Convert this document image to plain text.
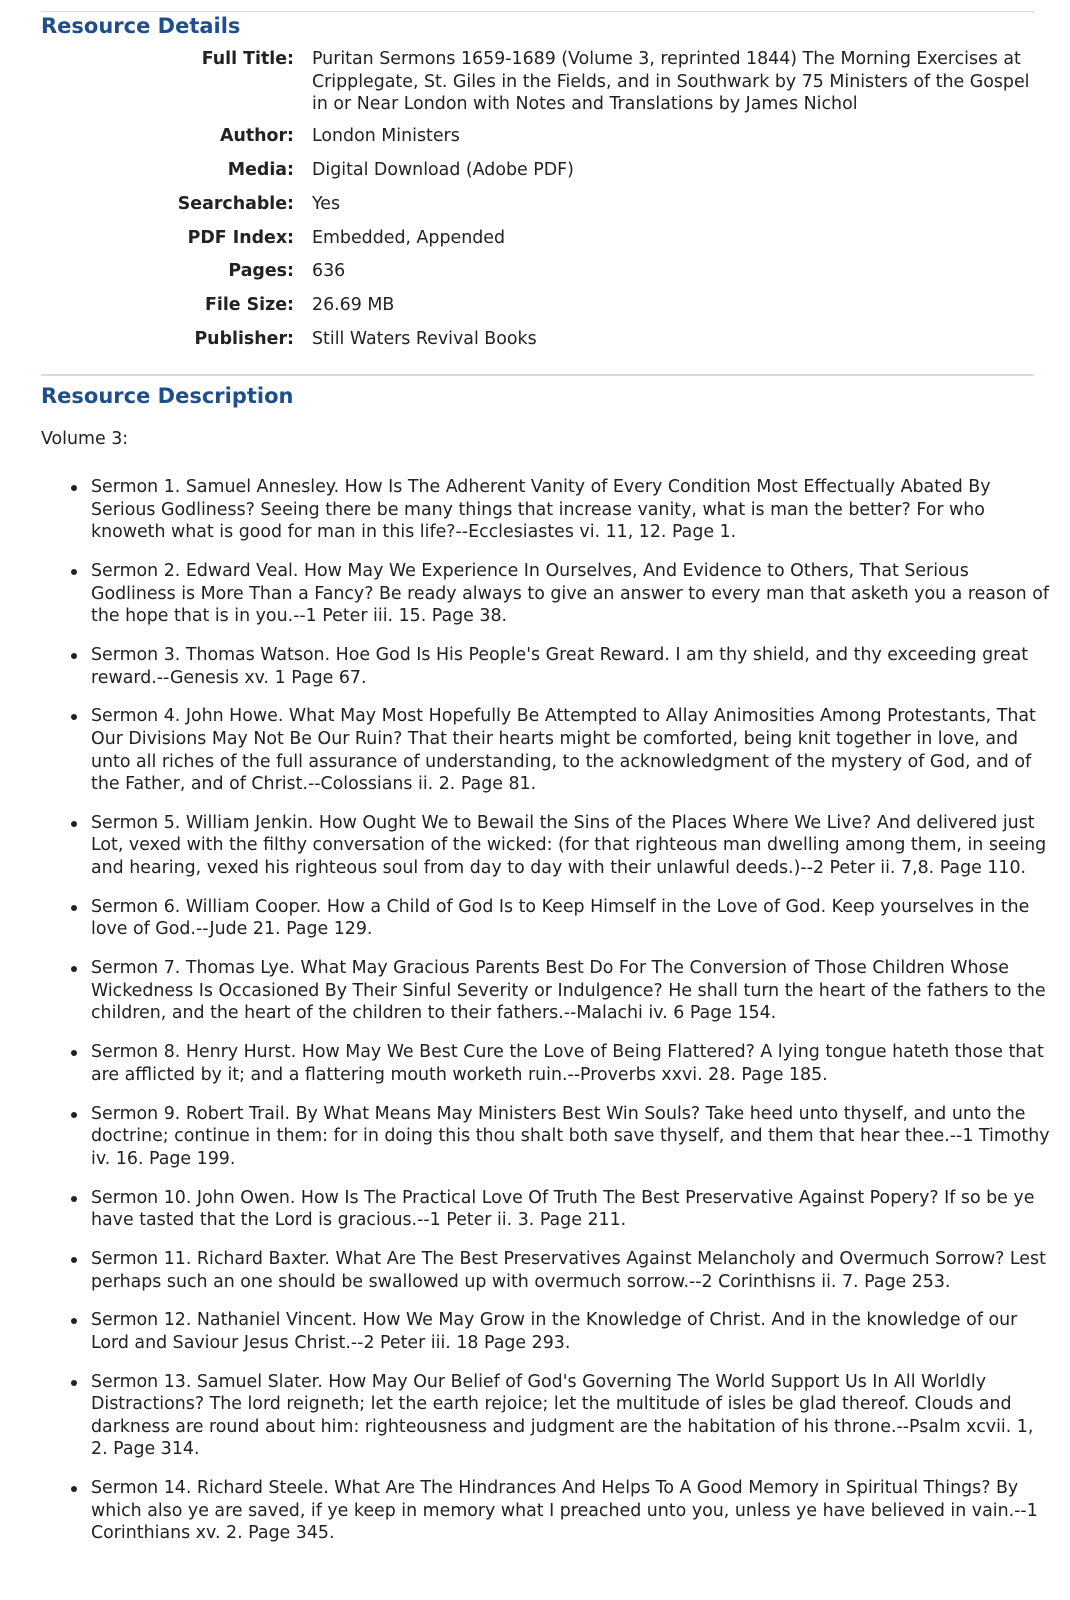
Resource Details
Full Title: Puritan Sermons 1659-1689 (Volume 3, reprinted 1844) The Morning Exercises at Cripplegate, St. Giles in the Fields, and in Southwark by 75 Ministers of the Gospel in or Near London with Notes and Translations by James Nichol
Author: London Ministers
Media: Digital Download (Adobe PDF)
Searchable: Yes
PDF Index: Embedded, Appended
Pages: 636
File Size: 26.69 MB
Publisher: Still Waters Revival Books
Resource Description

Volume 3:

Sermon 1. Samuel Annesley. How Is The Adherent Vanity of Every Condition Most Effectually Abated By Serious Godliness? Seeing there be many things that increase vanity, what is man the better? For who knoweth what is good for man in this life?--Ecclesiastes vi. 11, 12. Page 1.
Sermon 2. Edward Veal. How May We Experience In Ourselves, And Evidence to Others, That Serious Godliness is More Than a Fancy? Be ready always to give an answer to every man that asketh you a reason of the hope that is in you.--1 Peter iii. 15. Page 38.
Sermon 3. Thomas Watson. Hoe God Is His People's Great Reward. I am thy shield, and thy exceeding great reward.--Genesis xv. 1 Page 67.
Sermon 4. John Howe. What May Most Hopefully Be Attempted to Allay Animosities Among Protestants, That Our Divisions May Not Be Our Ruin? That their hearts might be comforted, being knit together in love, and unto all riches of the full assurance of understanding, to the acknowledgment of the mystery of God, and of the Father, and of Christ.--Colossians ii. 2. Page 81.
Sermon 5. William Jenkin. How Ought We to Bewail the Sins of the Places Where We Live? And delivered just Lot, vexed with the filthy conversation of the wicked: (for that righteous man dwelling among them, in seeing and hearing, vexed his righteous soul from day to day with their unlawful deeds.)--2 Peter ii. 7,8. Page 110.
Sermon 6. William Cooper. How a Child of God Is to Keep Himself in the Love of God. Keep yourselves in the love of God.--Jude 21. Page 129.
Sermon 7. Thomas Lye. What May Gracious Parents Best Do For The Conversion of Those Children Whose Wickedness Is Occasioned By Their Sinful Severity or Indulgence? He shall turn the heart of the fathers to the children, and the heart of the children to their fathers.--Malachi iv. 6 Page 154.
Sermon 8. Henry Hurst. How May We Best Cure the Love of Being Flattered? A lying tongue hateth those that are afflicted by it; and a flattering mouth worketh ruin.--Proverbs xxvi. 28. Page 185.
Sermon 9. Robert Trail. By What Means May Ministers Best Win Souls? Take heed unto thyself, and unto the doctrine; continue in them: for in doing this thou shalt both save thyself, and them that hear thee.--1 Timothy iv. 16. Page 199.
Sermon 10. John Owen. How Is The Practical Love Of Truth The Best Preservative Against Popery? If so be ye have tasted that the Lord is gracious.--1 Peter ii. 3. Page 211.
Sermon 11. Richard Baxter. What Are The Best Preservatives Against Melancholy and Overmuch Sorrow? Lest perhaps such an one should be swallowed up with overmuch sorrow.--2 Corinthisns ii. 7. Page 253.
Sermon 12. Nathaniel Vincent. How We May Grow in the Knowledge of Christ. And in the knowledge of our Lord and Saviour Jesus Christ.--2 Peter iii. 18 Page 293.
Sermon 13. Samuel Slater. How May Our Belief of God's Governing The World Support Us In All Worldly Distractions? The lord reigneth; let the earth rejoice; let the multitude of isles be glad thereof. Clouds and darkness are round about him: righteousness and judgment are the habitation of his throne.--Psalm xcvii. 1, 2. Page 314.
Sermon 14. Richard Steele. What Are The Hindrances And Helps To A Good Memory in Spiritual Things? By which also ye are saved, if ye keep in memory what I preached unto you, unless ye have believed in vain.--1 Corinthians xv. 2. Page 345.
